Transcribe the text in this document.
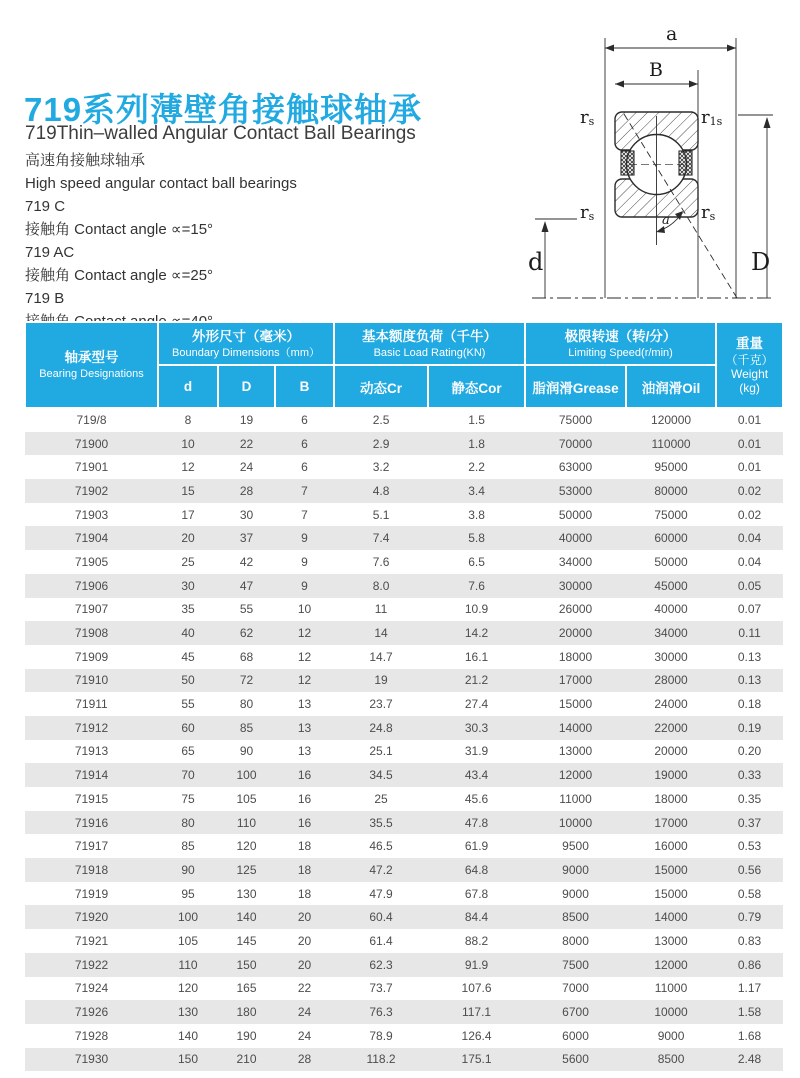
719系列薄壁角接触球轴承
719Thin–walled Angular Contact Ball Bearings
高速角接触球轴承
High speed angular contact ball bearings
719 C
接触角 Contact angle ∝=15°
719 AC
接触角 Contact angle ∝=25°
719 B
a
B
a
d	D
rs	r1s
rs	rs
轴承型号
Bearing Designations

外形尺寸（毫米）
Boundary Dimensions（mm）

基本额度负荷（千牛）
Basic Load Rating(KN)

极限转速（转/分）
Limiting Speed(r/min)

重量
（千克）
Weight
(kg)

	d	D	B	动态Cr	静态Cor	脂润滑Grease	油润滑Oil	
719/8	8	19	6	2.5	1.5	75000	120000	0.01
71900	10	22	6	2.9	1.8	70000	110000	0.01
71901	12	24	6	3.2	2.2	63000	95000	0.01
71902	15	28	7	4.8	3.4	53000	80000	0.02
71903	17	30	7	5.1	3.8	50000	75000	0.02
71904	20	37	9	7.4	5.8	40000	60000	0.04
71905	25	42	9	7.6	6.5	34000	50000	0.04
71906	30	47	9	8.0	7.6	30000	45000	0.05
71907	35	55	10	11	10.9	26000	40000	0.07
71908	40	62	12	14	14.2	20000	34000	0.11
71909	45	68	12	14.7	16.1	18000	30000	0.13
71910	50	72	12	19	21.2	17000	28000	0.13
71911	55	80	13	23.7	27.4	15000	24000	0.18
71912	60	85	13	24.8	30.3	14000	22000	0.19
71913	65	90	13	25.1	31.9	13000	20000	0.20
71914	70	100	16	34.5	43.4	12000	19000	0.33
71915	75	105	16	25	45.6	11000	18000	0.35
71916	80	110	16	35.5	47.8	10000	17000	0.37
71917	85	120	18	46.5	61.9	9500	16000	0.53
71918	90	125	18	47.2	64.8	9000	15000	0.56
71919	95	130	18	47.9	67.8	9000	15000	0.58
71920	100	140	20	60.4	84.4	8500	14000	0.79
71921	105	145	20	61.4	88.2	8000	13000	0.83
71922	110	150	20	62.3	91.9	7500	12000	0.86
71924	120	165	22	73.7	107.6	7000	11000	1.17
71926	130	180	24	76.3	117.1	6700	10000	1.58
71928	140	190	24	78.9	126.4	6000	9000	1.68
71930	150	210	28	118.2	175.1	5600	8500	2.48
